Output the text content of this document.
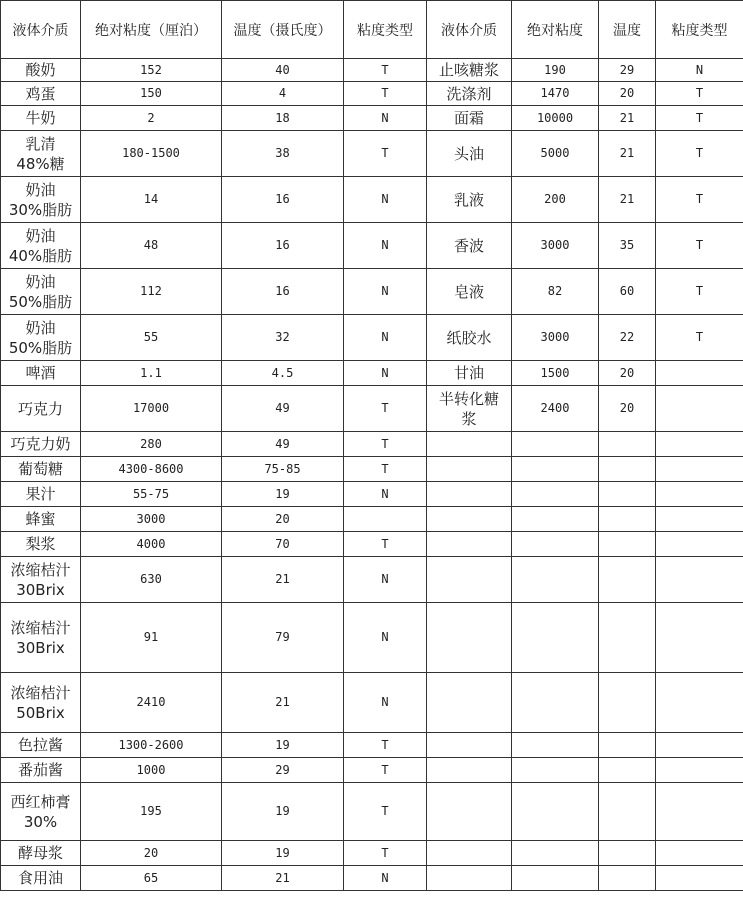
液体介质	绝对粘度（厘泊）	温度（摄氏度）	粘度类型	液体介质	绝对粘度	温度	粘度类型

酸奶	152	40	T	止咳糖浆	190	29	N

鸡蛋	150	4	T	洗涤剂	1470	20	T

牛奶	2	18	N	面霜	10000	21	T

乳清
48%糖	180-1500	38	T	头油	5000	21	T

奶油
30%脂肪	14	16	N	乳液	200	21	T

奶油
40%脂肪	48	16	N	香波	3000	35	T

奶油
50%脂肪	112	16	N	皂液	82	60	T

奶油
50%脂肪	55	32	N	纸胶水	3000	22	T

啤酒	1.1	4.5	N	甘油	1500	20	

巧克力	17000	49	T	半转化糖
浆	2400	20	

巧克力奶	280	49	T				

葡萄糖	4300-8600	75-85	T				

果汁	55-75	19	N				

蜂蜜	3000	20					

梨浆	4000	70	T				

浓缩桔汁
30Brix	630	21	N				

浓缩桔汁
30Brix	91	79	N				

浓缩桔汁
50Brix	2410	21	N				

色拉酱	1300-2600	19	T				

番茄酱	1000	29	T				

西红柿膏
30%	195	19	T				

酵母浆	20	19	T				

食用油	65	21	N				
